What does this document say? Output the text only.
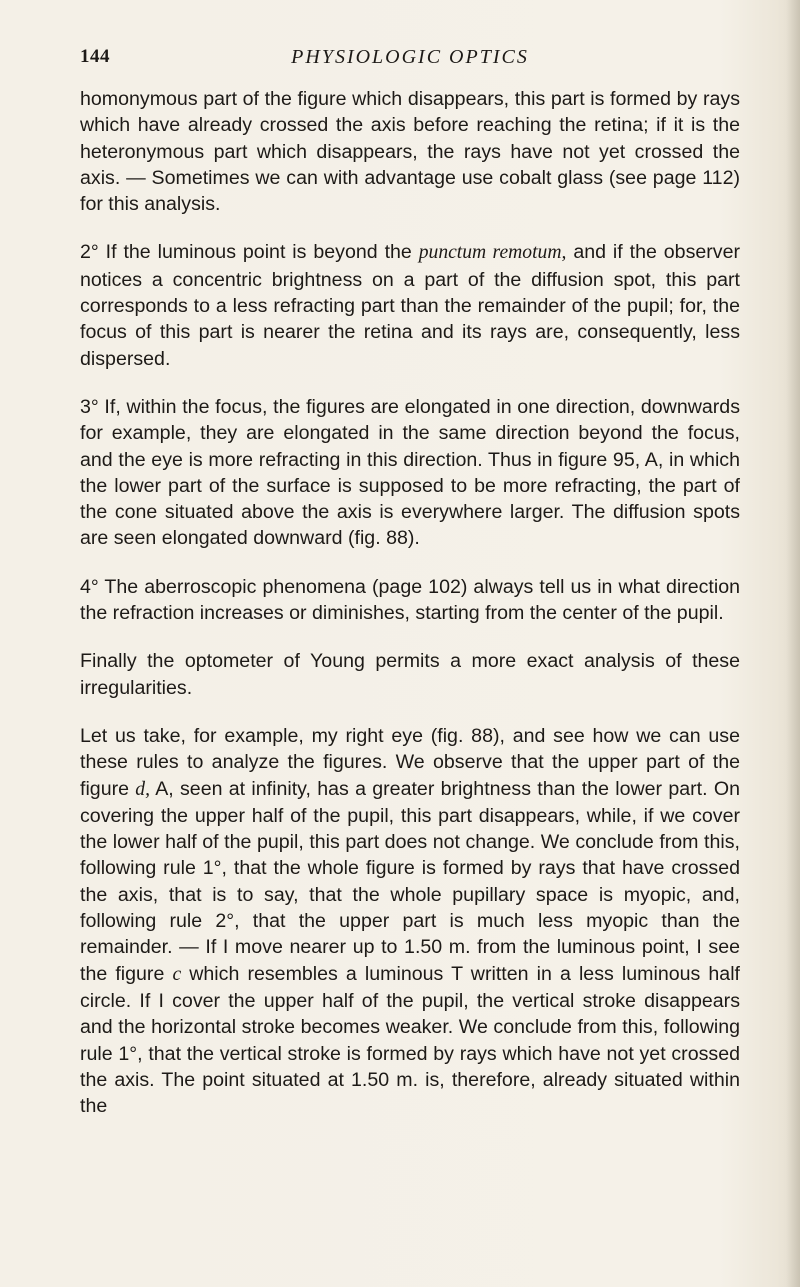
144	PHYSIOLOGIC OPTICS

homonymous part of the figure which disappears, this part is formed by rays which have already crossed the axis before reaching the retina; if it is the heteronymous part which disappears, the rays have not yet crossed the axis. — Sometimes we can with advantage use cobalt glass (see page 112) for this analysis.

2° If the luminous point is beyond the punctum remotum, and if the observer notices a concentric brightness on a part of the diffusion spot, this part corresponds to a less refracting part than the remainder of the pupil; for, the focus of this part is nearer the retina and its rays are, consequently, less dispersed.

3° If, within the focus, the figures are elongated in one direction, downwards for example, they are elongated in the same direction beyond the focus, and the eye is more refracting in this direction. Thus in figure 95, A, in which the lower part of the surface is supposed to be more refracting, the part of the cone situated above the axis is everywhere larger. The diffusion spots are seen elongated downward (fig. 88).

4° The aberroscopic phenomena (page 102) always tell us in what direction the refraction increases or diminishes, starting from the center of the pupil.

Finally the optometer of Young permits a more exact analysis of these irregularities.

Let us take, for example, my right eye (fig. 88), and see how we can use these rules to analyze the figures. We observe that the upper part of the figure d, A, seen at infinity, has a greater brightness than the lower part. On covering the upper half of the pupil, this part disappears, while, if we cover the lower half of the pupil, this part does not change. We conclude from this, following rule 1°, that the whole figure is formed by rays that have crossed the axis, that is to say, that the whole pupillary space is myopic, and, following rule 2°, that the upper part is much less myopic than the remainder. — If I move nearer up to 1.50 m. from the luminous point, I see the figure c which resembles a luminous T written in a less luminous half circle. If I cover the upper half of the pupil, the vertical stroke disappears and the horizontal stroke becomes weaker. We conclude from this, following rule 1°, that the vertical stroke is formed by rays which have not yet crossed the axis. The point situated at 1.50 m. is, therefore, already situated within the
